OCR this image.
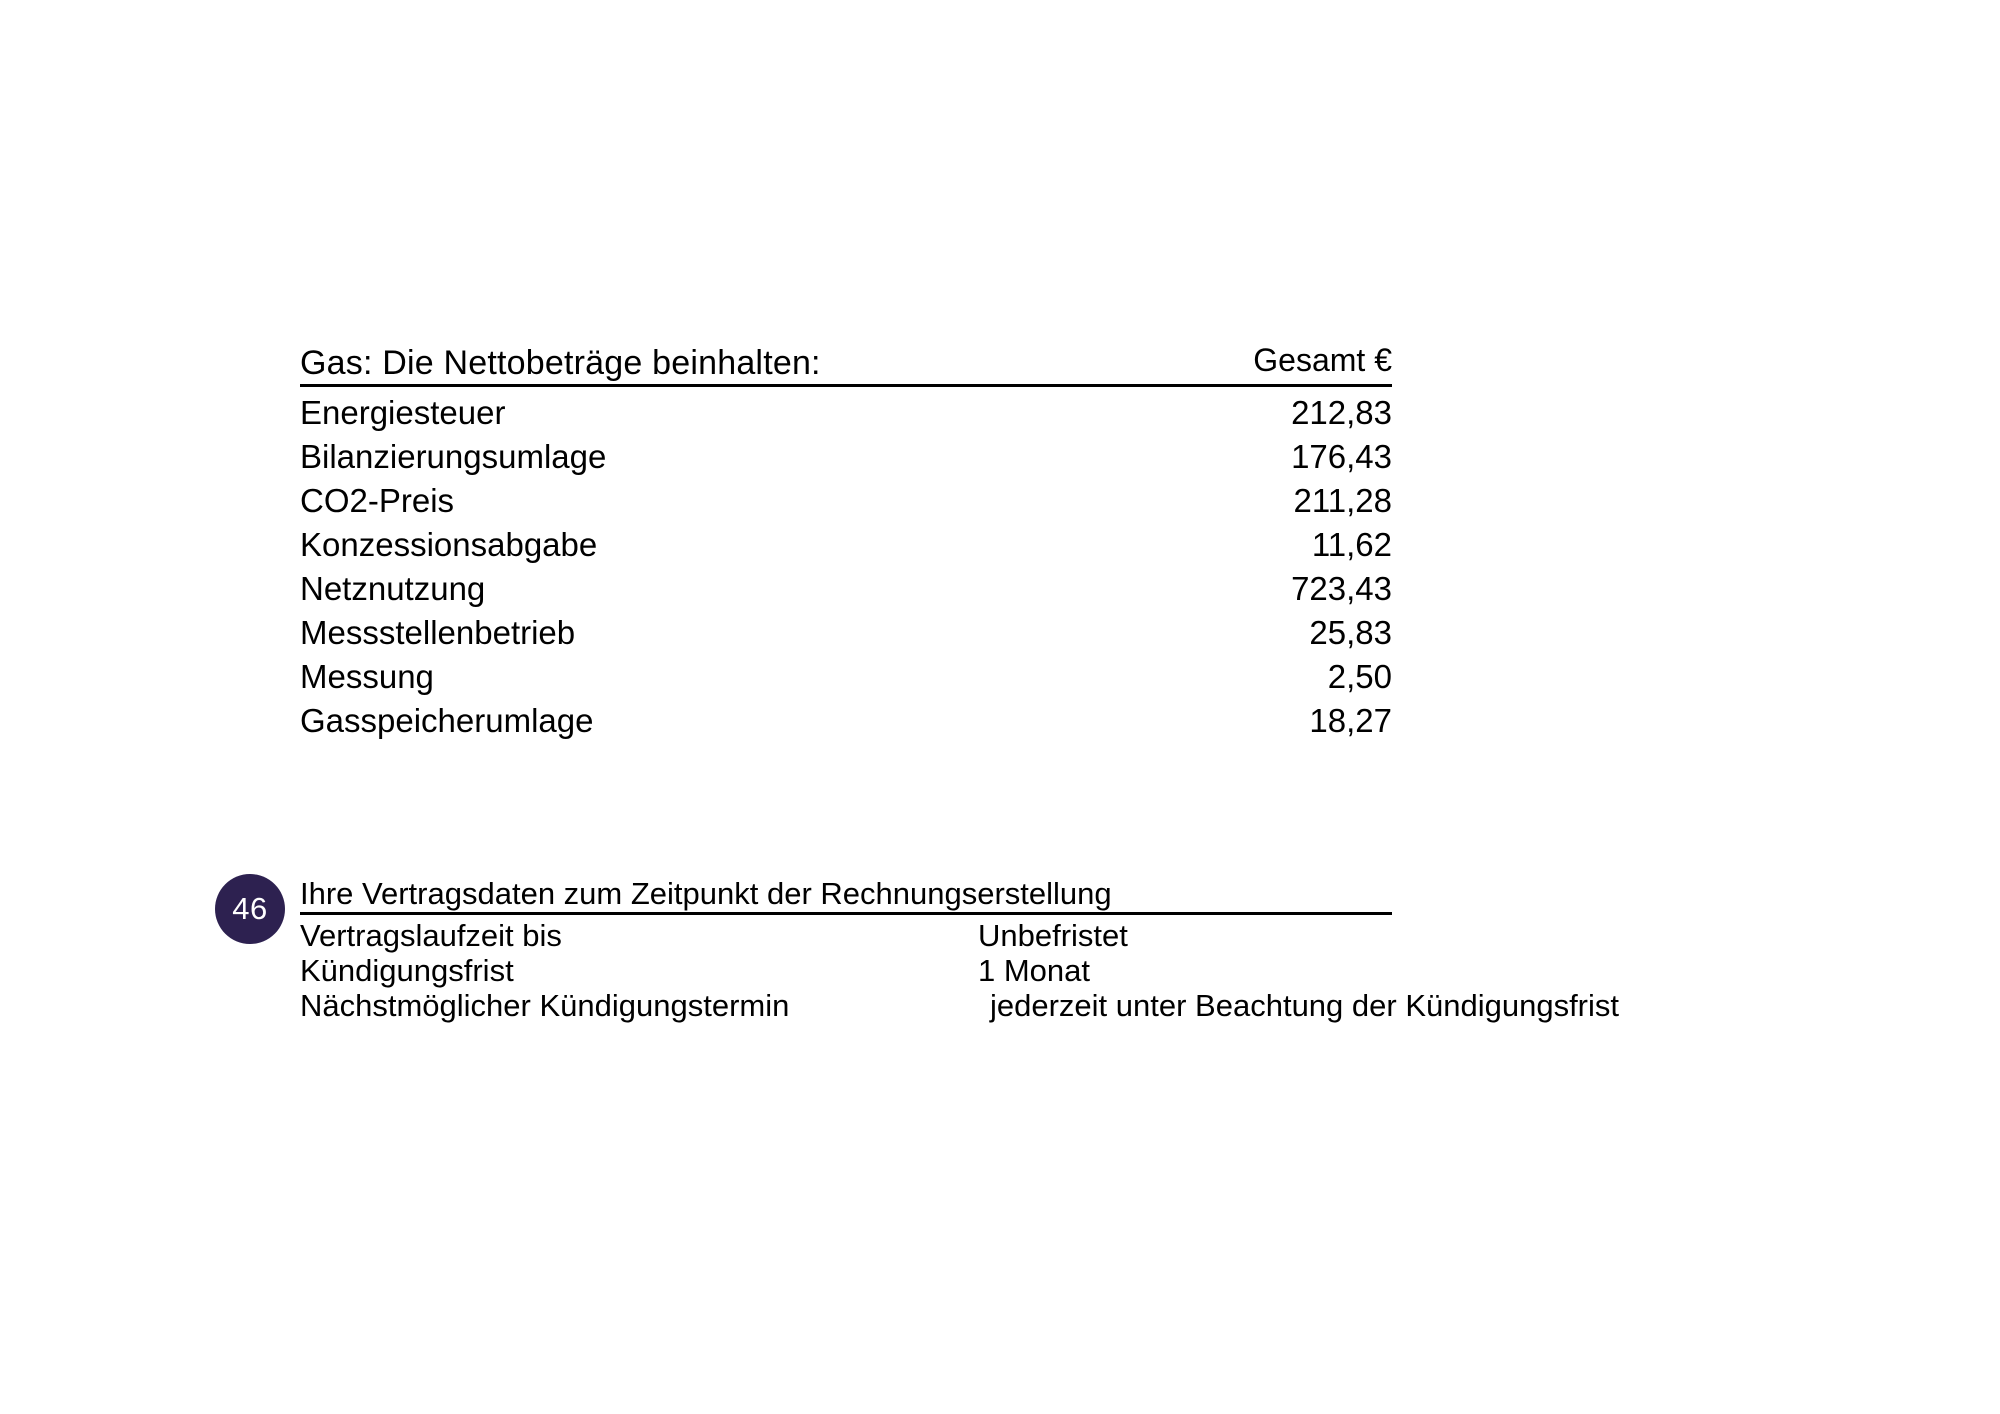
Gas: Die Nettobeträge beinhalten:	Gesamt €
Energiesteuer	212,83
Bilanzierungsumlage	176,43
CO2-Preis	211,28
Konzessionsabgabe	11,62
Netznutzung	723,43
Messstellenbetrieb	25,83
Messung	2,50
Gasspeicherumlage	18,27
46	Ihre Vertragsdaten zum Zeitpunkt der Rechnungserstellung
Vertragslaufzeit bis	Unbefristet
Kündigungsfrist	1 Monat
Nächstmöglicher Kündigungstermin	jederzeit unter Beachtung der Kündigungsfrist
